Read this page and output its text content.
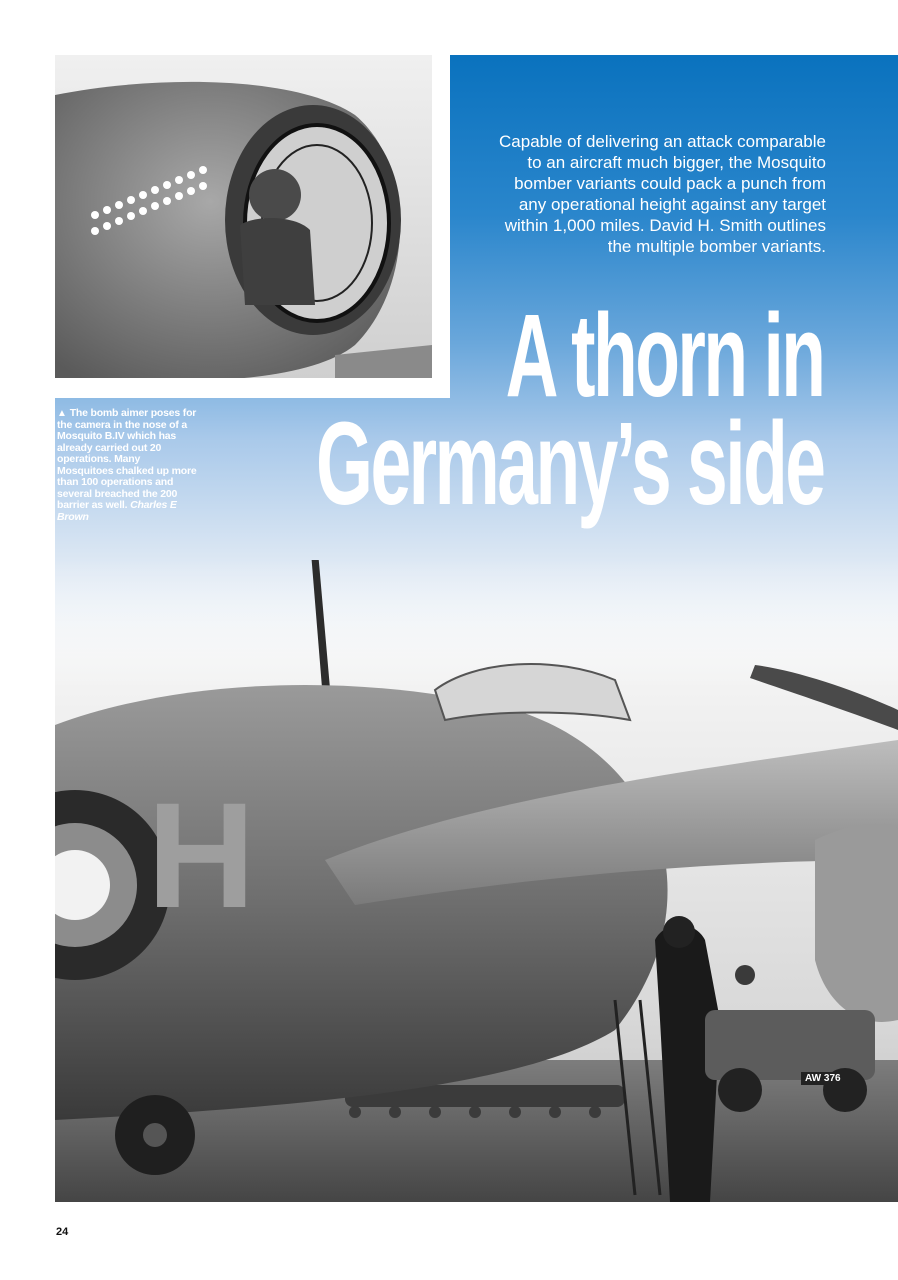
H
AW 376
Capable of delivering an attack comparable to an aircraft much bigger, the Mosquito bomber variants could pack a punch from any operational height against any target within 1,000 miles. David H. Smith outlines the multiple bomber variants.
A thorn in
Germany’s side
▲ The bomb aimer poses for the camera in the nose of a Mosquito B.IV which has already carried out 20 operations. Many Mosquitoes chalked up more than 100 operations and several breached the 200 barrier as well. Charles E Brown
24
